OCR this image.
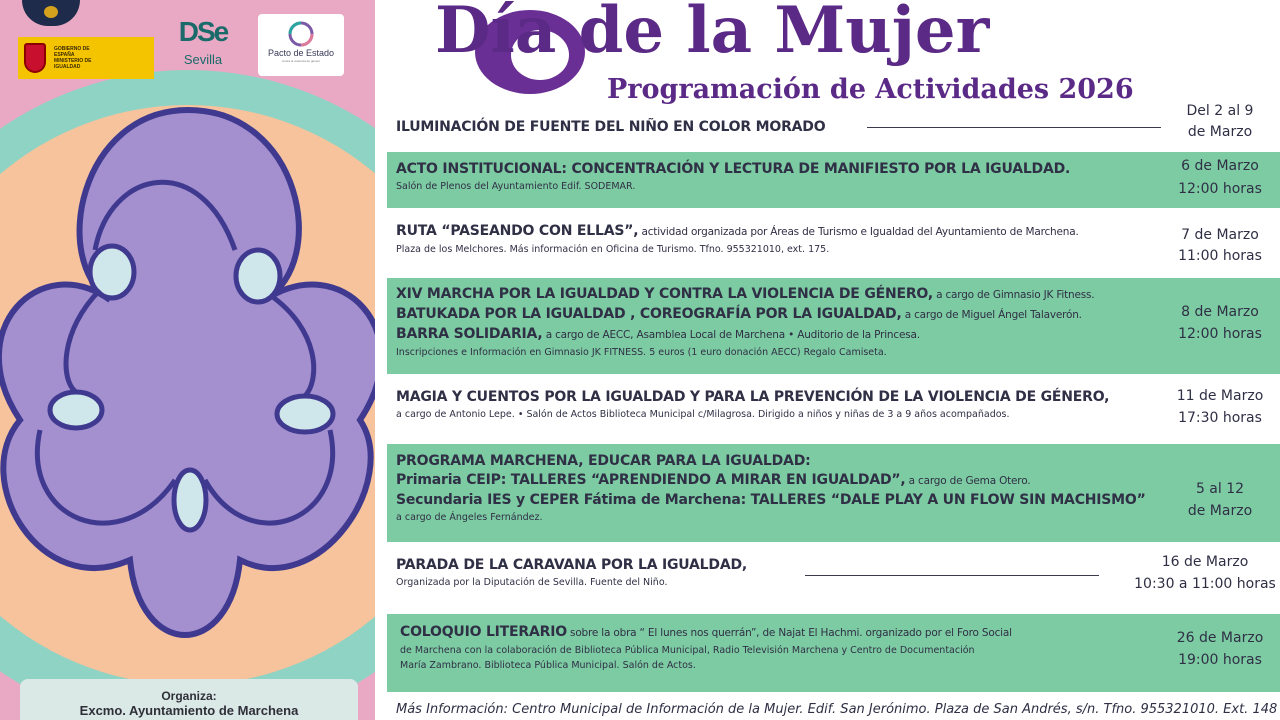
GOBIERNO DE ESPAÑA MINISTERIO DE IGUALDAD
DSe
Sevilla	Pacto de Estado
contra la violencia de género
Organiza:
Excmo. Ayuntamiento de Marchena
Día de la Mujer
Programación de Actividades 2026
ILUMINACIÓN DE FUENTE DEL NIÑO EN COLOR MORADO
Del 2 al 9
de Marzo
ACTO INSTITUCIONAL: CONCENTRACIÓN Y LECTURA DE MANIFIESTO POR LA IGUALDAD.
Salón de Plenos del Ayuntamiento Edif. SODEMAR.
6 de Marzo
12:00 horas
RUTA “PASEANDO CON ELLAS”, actividad organizada por Áreas de Turismo e Igualdad del Ayuntamiento de Marchena.
Plaza de los Melchores. Más información en Oficina de Turismo. Tfno. 955321010, ext. 175.
7 de Marzo
11:00 horas
XIV MARCHA POR LA IGUALDAD Y CONTRA LA VIOLENCIA DE GÉNERO, a cargo de Gimnasio JK Fitness.
BATUKADA POR LA IGUALDAD , COREOGRAFÍA POR LA IGUALDAD, a cargo de Miguel Ángel Talaverón.
BARRA SOLIDARIA, a cargo de AECC, Asamblea Local de Marchena • Auditorio de la Princesa.
Inscripciones e Información en Gimnasio JK FITNESS. 5 euros (1 euro donación AECC) Regalo Camiseta.
8 de Marzo
12:00 horas
MAGIA Y CUENTOS POR LA IGUALDAD Y PARA LA PREVENCIÓN DE LA VIOLENCIA DE GÉNERO,
a cargo de Antonio Lepe. • Salón de Actos Biblioteca Municipal c/Milagrosa. Dirigido a niños y niñas de 3 a 9 años acompañados.
11 de Marzo
17:30 horas
PROGRAMA MARCHENA, EDUCAR PARA LA IGUALDAD:
Primaria CEIP: TALLERES “APRENDIENDO A MIRAR EN IGUALDAD”, a cargo de Gema Otero.
Secundaria IES y CEPER Fátima de Marchena: TALLERES “DALE PLAY A UN FLOW SIN MACHISMO”
a cargo de Ángeles Fernández.
5 al 12
de Marzo
PARADA DE LA CARAVANA POR LA IGUALDAD,
Organizada por la Diputación de Sevilla. Fuente del Niño.
16 de Marzo
10:30 a 11:00 horas
COLOQUIO LITERARIO sobre la obra “ El lunes nos querrán”, de Najat El Hachmi. organizado por el Foro Social
de Marchena con la colaboración de Biblioteca Pública Municipal, Radio Televisión Marchena y Centro de Documentación
María Zambrano. Biblioteca Pública Municipal. Salón de Actos.
26 de Marzo
19:00 horas
Más Información: Centro Municipal de Información de la Mujer. Edif. San Jerónimo. Plaza de San Andrés, s/n. Tfno. 955321010. Ext. 148
